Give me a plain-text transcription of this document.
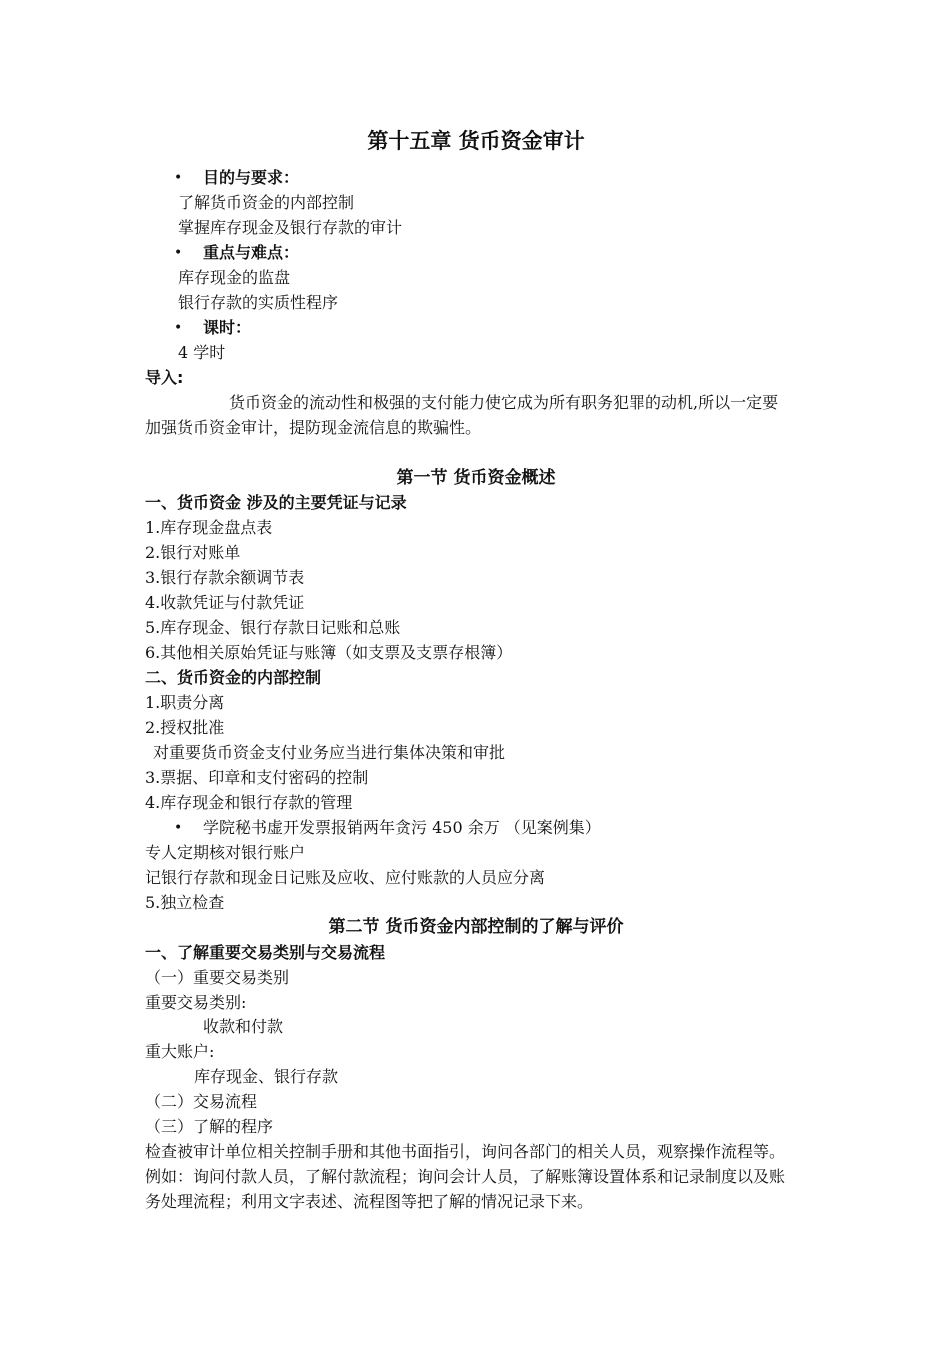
第十五章 货币资金审计
• 目的与要求：
了解货币资金的内部控制
掌握库存现金及银行存款的审计
• 重点与难点：
库存现金的监盘
银行存款的实质性程序
• 课时：
4 学时
导入:
货币资金的流动性和极强的支付能力使它成为所有职务犯罪的动机,所以一定要
加强货币资金审计，提防现金流信息的欺骗性。
第一节 货币资金概述
一、货币资金 涉及的主要凭证与记录
1.库存现金盘点表
2.银行对账单
3.银行存款余额调节表
4.收款凭证与付款凭证
5.库存现金、银行存款日记账和总账
6.其他相关原始凭证与账簿（如支票及支票存根簿）
二、货币资金的内部控制
1.职责分离
2.授权批准
对重要货币资金支付业务应当进行集体决策和审批
3.票据、印章和支付密码的控制
4.库存现金和银行存款的管理
• 学院秘书虚开发票报销两年贪污 450 余万 （见案例集）
专人定期核对银行账户
记银行存款和现金日记账及应收、应付账款的人员应分离
5.独立检查
第二节 货币资金内部控制的了解与评价
一、了解重要交易类别与交易流程
（一）重要交易类别
重要交易类别:
收款和付款
重大账户:
库存现金、银行存款
（二）交易流程
（三）了解的程序
检查被审计单位相关控制手册和其他书面指引，询问各部门的相关人员，观察操作流程等。
例如：询问付款人员，了解付款流程；询问会计人员，了解账簿设置体系和记录制度以及账
务处理流程；利用文字表述、流程图等把了解的情况记录下来。
